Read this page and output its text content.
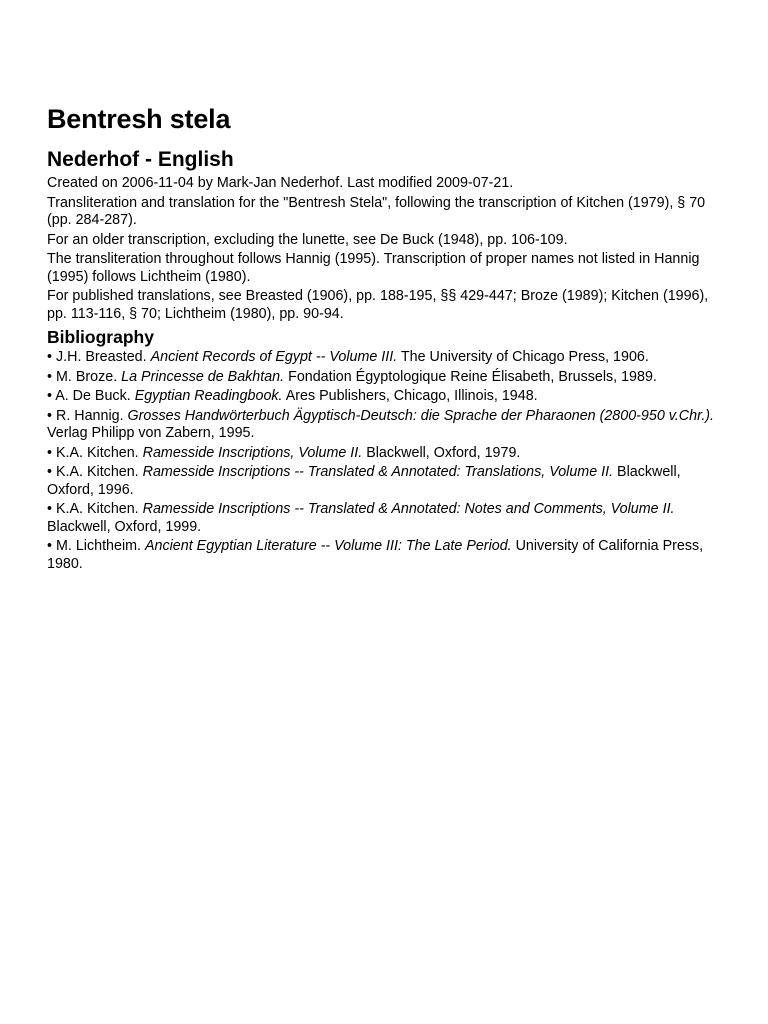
Bentresh stela
Nederhof - English

Created on 2006-11-04 by Mark-Jan Nederhof. Last modified 2009-07-21.

Transliteration and translation for the "Bentresh Stela", following the transcription of Kitchen (1979), § 70 (pp. 284-287).

For an older transcription, excluding the lunette, see De Buck (1948), pp. 106-109.

The transliteration throughout follows Hannig (1995). Transcription of proper names not listed in Hannig (1995) follows Lichtheim (1980).

For published translations, see Breasted (1906), pp. 188-195, §§ 429-447; Broze (1989); Kitchen (1996), pp. 113-116, § 70; Lichtheim (1980), pp. 90-94.

Bibliography
• J.H. Breasted. Ancient Records of Egypt -- Volume III. The University of Chicago Press, 1906.
• M. Broze. La Princesse de Bakhtan. Fondation Égyptologique Reine Élisabeth, Brussels, 1989.
• A. De Buck. Egyptian Readingbook. Ares Publishers, Chicago, Illinois, 1948.
• R. Hannig. Grosses Handwörterbuch Ägyptisch-Deutsch: die Sprache der Pharaonen (2800-950 v.Chr.). Verlag Philipp von Zabern, 1995.
• K.A. Kitchen. Ramesside Inscriptions, Volume II. Blackwell, Oxford, 1979.
• K.A. Kitchen. Ramesside Inscriptions -- Translated & Annotated: Translations, Volume II. Blackwell, Oxford, 1996.
• K.A. Kitchen. Ramesside Inscriptions -- Translated & Annotated: Notes and Comments, Volume II. Blackwell, Oxford, 1999.
• M. Lichtheim. Ancient Egyptian Literature -- Volume III: The Late Period. University of California Press, 1980.
